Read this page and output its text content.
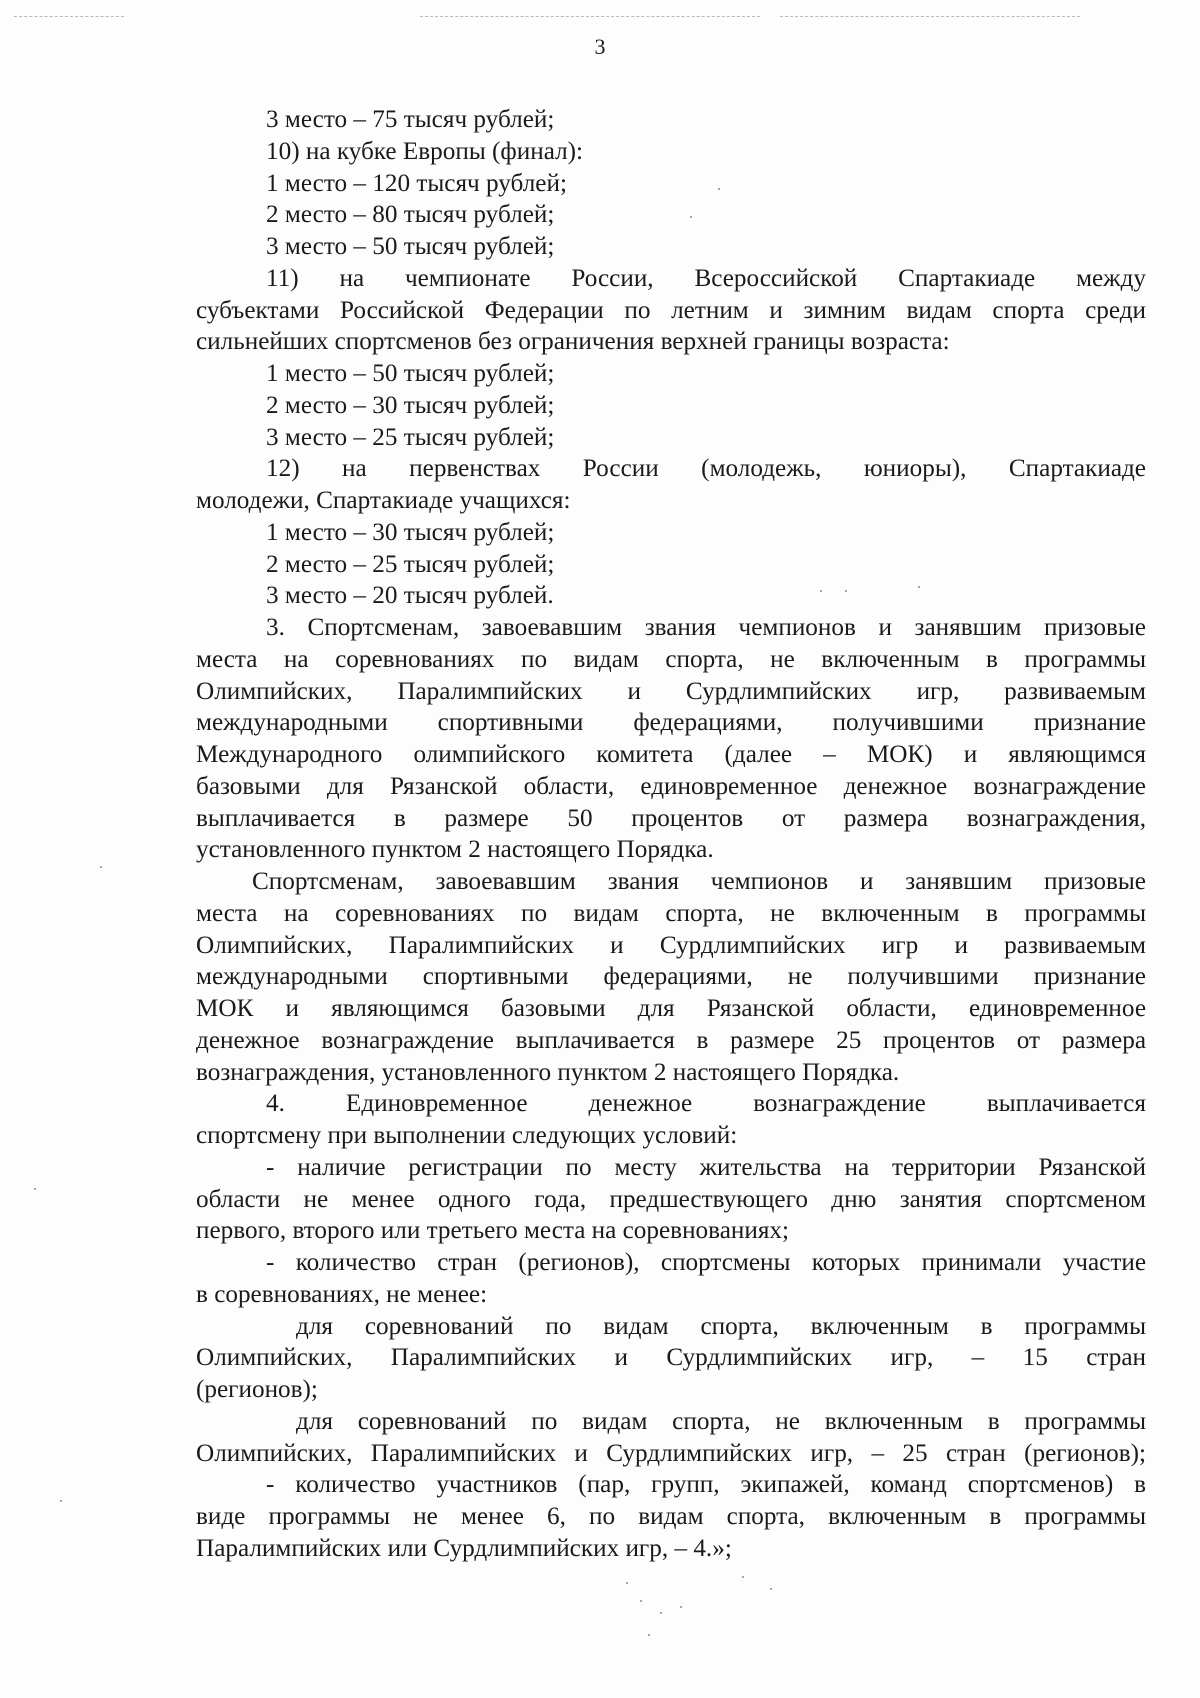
3
3 место – 75 тысяч рублей;
10) на кубке Европы (финал):
1 место – 120 тысяч рублей;
2 место – 80 тысяч рублей;
3 место – 50 тысяч рублей;
11) на чемпионате России, Всероссийской Спартакиаде между
субъектами Российской Федерации по летним и зимним видам спорта среди
сильнейших спортсменов без ограничения верхней границы возраста:
1 место – 50 тысяч рублей;
2 место – 30 тысяч рублей;
3 место – 25 тысяч рублей;
12) на первенствах России (молодежь, юниоры), Спартакиаде
молодежи, Спартакиаде учащихся:
1 место – 30 тысяч рублей;
2 место – 25 тысяч рублей;
3 место – 20 тысяч рублей.
3. Спортсменам, завоевавшим звания чемпионов и занявшим призовые
места на соревнованиях по видам спорта, не включенным в программы
Олимпийских, Паралимпийских и Сурдлимпийских игр, развиваемым
международными спортивными федерациями, получившими признание
Международного олимпийского комитета (далее – МОК) и являющимся
базовыми для Рязанской области, единовременное денежное вознаграждение
выплачивается в размере 50 процентов от размера вознаграждения,
установленного пунктом 2 настоящего Порядка.
Спортсменам, завоевавшим звания чемпионов и занявшим призовые
места на соревнованиях по видам спорта, не включенным в программы
Олимпийских, Паралимпийских и Сурдлимпийских игр и развиваемым
международными спортивными федерациями, не получившими признание
МОК и являющимся базовыми для Рязанской области, единовременное
денежное вознаграждение выплачивается в размере 25 процентов от размера
вознаграждения, установленного пунктом 2 настоящего Порядка.
4. Единовременное денежное вознаграждение выплачивается
спортсмену при выполнении следующих условий:
- наличие регистрации по месту жительства на территории Рязанской
области не менее одного года, предшествующего дню занятия спортсменом
первого, второго или третьего места на соревнованиях;
- количество стран (регионов), спортсмены которых принимали участие
в соревнованиях, не менее:
для соревнований по видам спорта, включенным в программы
Олимпийских, Паралимпийских и Сурдлимпийских игр, – 15 стран
(регионов);
для соревнований по видам спорта, не включенным в программы
Олимпийских, Паралимпийских и Сурдлимпийских игр, – 25 стран (регионов);
- количество участников (пар, групп, экипажей, команд спортсменов) в
виде программы не менее 6, по видам спорта, включенным в программы
Паралимпийских или Сурдлимпийских игр, – 4.»;
